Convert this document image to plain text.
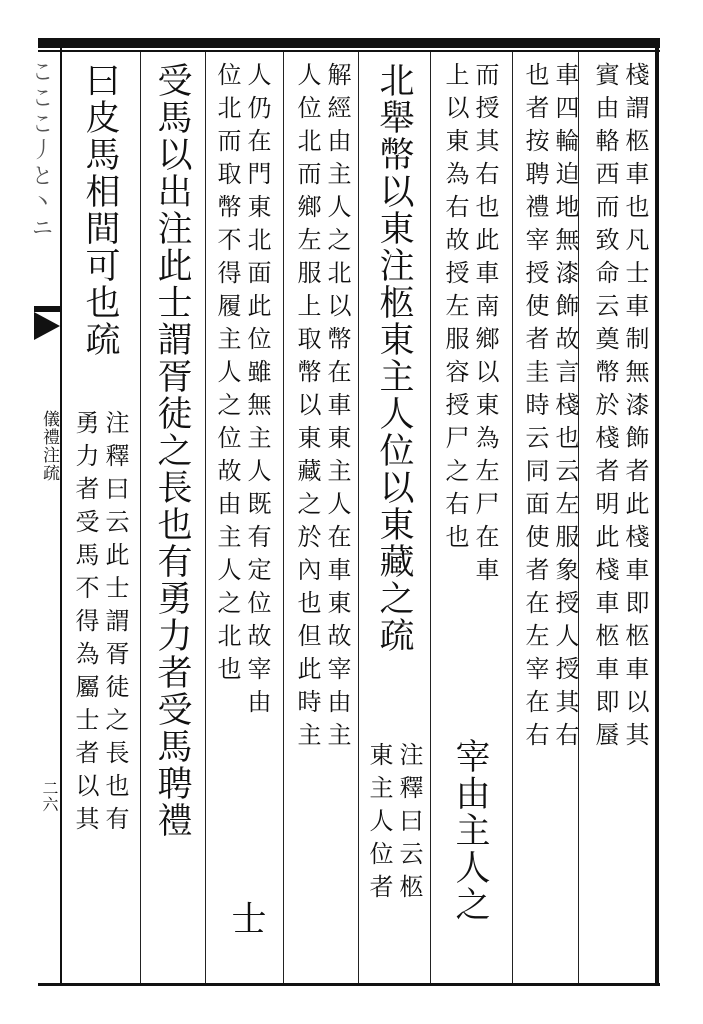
こここ丿と丶ニ
儀禮注疏
二六
棧謂柩車也凡士車制無漆飾者此棧車即柩車以其
賓由輅西而致命云奠幣於棧者明此棧車柩車即蜃
車四輪迫地無漆飾故言棧也云左服象授人授其右
也者按聘禮宰授使者圭時云同面使者在左宰在右
而授其右也此車南鄉以東為左尸在車
上以東為右故授左服容授尸之右也
宰由主人之
北舉幣以東注柩東主人位以東藏之疏
注釋曰云柩
東主人位者
解經由主人之北以幣在車東主人在車東故宰由主
人位北而鄉左服上取幣以東藏之於內也但此時主
人仍在門東北面此位雖無主人既有定位故宰由
位北而取幣不得履主人之位故由主人之北也
士
受馬以出注此士謂胥徒之長也有勇力者受馬聘禮
曰皮馬相間可也疏
注釋曰云此士謂胥徒之長也有
勇力者受馬不得為屬士者以其
